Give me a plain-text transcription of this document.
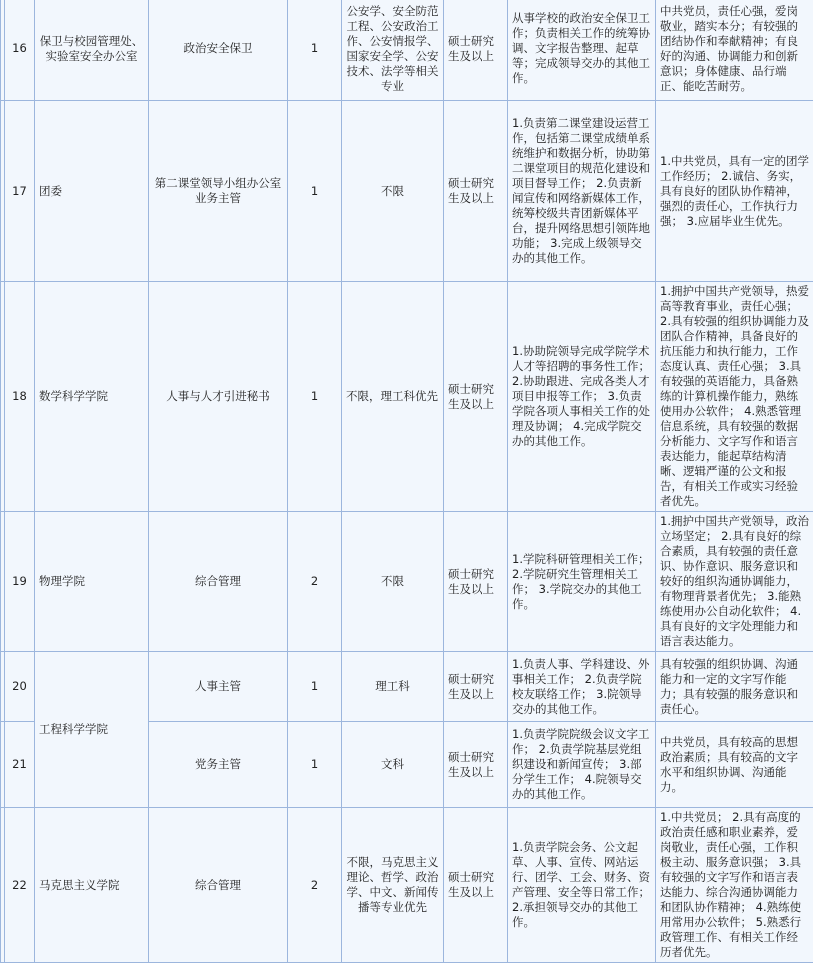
	16	保卫与校园管理处、实验室安全办公室	政治安全保卫	1	公安学、安全防范工程、公安政治工作、公安情报学、国家安全学、公安技术、法学等相关专业	硕士研究生及以上	从事学校的政治安全保卫工作；负责相关工作的统筹协调、文字报告整理、起草等；完成领导交办的其他工作。	中共党员，责任心强，爱岗敬业，踏实本分；有较强的团结协作和奉献精神；有良好的沟通、协调能力和创新意识；身体健康、品行端正、能吃苦耐劳。
	17	团委	第二课堂领导小组办公室业务主管	1	不限	硕士研究生及以上	1.负责第二课堂建设运营工作，包括第二课堂成绩单系统维护和数据分析，协助第二课堂项目的规范化建设和项目督导工作； 2.负责新闻宣传和网络新媒体工作，统筹校级共青团新媒体平台，提升网络思想引领阵地功能； 3.完成上级领导交办的其他工作。	1.中共党员，具有一定的团学工作经历； 2.诚信、务实，具有良好的团队协作精神，强烈的责任心，工作执行力强； 3.应届毕业生优先。
	18	数学科学学院	人事与人才引进秘书	1	不限，理工科优先	硕士研究生及以上	1.协助院领导完成学院学术人才等招聘的事务性工作； 2.协助跟进、完成各类人才项目申报等工作； 3.负责学院各项人事相关工作的处理及协调； 4.完成学院交办的其他工作。	1.拥护中国共产党领导，热爱高等教育事业，责任心强； 2.具有较强的组织协调能力及团队合作精神，具备良好的抗压能力和执行能力，工作态度认真、责任心强； 3.具有较强的英语能力，具备熟练的计算机操作能力，熟练使用办公软件； 4.熟悉管理信息系统，具有较强的数据分析能力、文字写作和语言表达能力，能起草结构清晰、逻辑严谨的公文和报告，有相关工作或实习经验者优先。
	19	物理学院	综合管理	2	不限	硕士研究生及以上	1.学院科研管理相关工作； 2.学院研究生管理相关工作； 3.学院交办的其他工作。	1.拥护中国共产党领导，政治立场坚定； 2.具有良好的综合素质，具有较强的责任意识、协作意识、服务意识和较好的组织沟通协调能力，有物理背景者优先； 3.能熟练使用办公自动化软件； 4.具有良好的文字处理能力和语言表达能力。
	20	工程科学学院	人事主管	1	理工科	硕士研究生及以上	1.负责人事、学科建设、外事相关工作； 2.负责学院校友联络工作； 3.院领导交办的其他工作。	具有较强的组织协调、沟通能力和一定的文字写作能力；具有较强的服务意识和责任心。
	21		党务主管	1	文科	硕士研究生及以上	1.负责学院院级会议文字工作； 2.负责学院基层党组织建设和新闻宣传； 3.部分学生工作； 4.院领导交办的其他工作。	中共党员，具有较高的思想政治素质；具有较高的文字水平和组织协调、沟通能力。
	22	马克思主义学院	综合管理	2	不限，马克思主义理论、哲学、政治学、中文、新闻传播等专业优先	硕士研究生及以上	1.负责学院会务、公文起草、人事、宣传、网站运行、团学、工会、财务、资产管理、安全等日常工作； 2.承担领导交办的其他工作。	1.中共党员； 2.具有高度的政治责任感和职业素养，爱岗敬业，责任心强，工作积极主动、服务意识强； 3.具有较强的文字写作和语言表达能力、综合沟通协调能力和团队协作精神； 4.熟练使用常用办公软件； 5.熟悉行政管理工作、有相关工作经历者优先。
